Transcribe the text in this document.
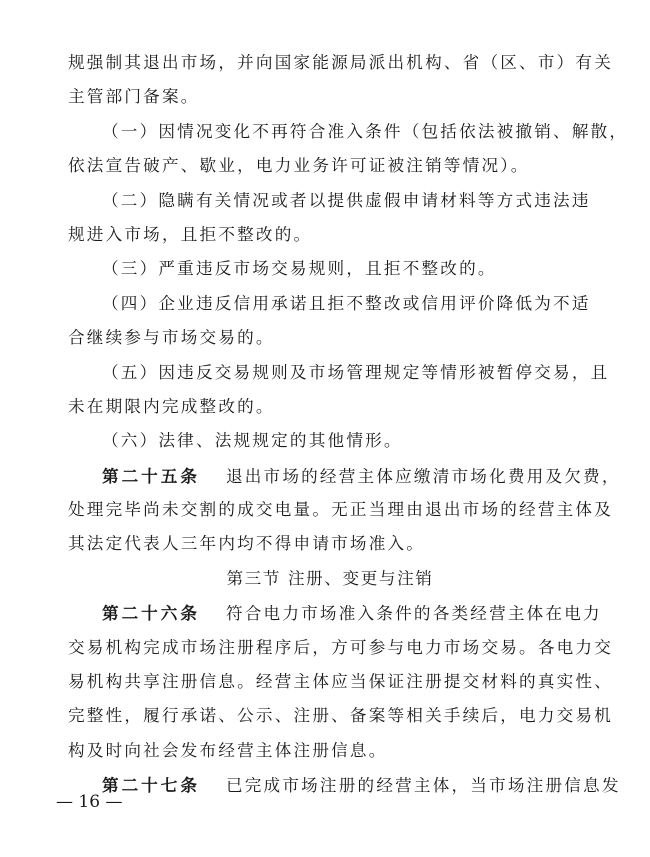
规强制其退出市场，并向国家能源局派出机构、省（区、市）有关
主管部门备案。
（一）因情况变化不再符合准入条件（包括依法被撤销、解散，
依法宣告破产、歇业，电力业务许可证被注销等情况）。
（二）隐瞒有关情况或者以提供虚假申请材料等方式违法违
规进入市场，且拒不整改的。
（三）严重违反市场交易规则，且拒不整改的。
（四）企业违反信用承诺且拒不整改或信用评价降低为不适
合继续参与市场交易的。
（五）因违反交易规则及市场管理规定等情形被暂停交易，且
未在期限内完成整改的。
（六）法律、法规规定的其他情形。
第二十五条 退出市场的经营主体应缴清市场化费用及欠费，
处理完毕尚未交割的成交电量。无正当理由退出市场的经营主体及
其法定代表人三年内均不得申请市场准入。
第三节 注册、变更与注销
第二十六条 符合电力市场准入条件的各类经营主体在电力
交易机构完成市场注册程序后，方可参与电力市场交易。各电力交
易机构共享注册信息。经营主体应当保证注册提交材料的真实性、
完整性，履行承诺、公示、注册、备案等相关手续后，电力交易机
构及时向社会发布经营主体注册信息。
第二十七条 已完成市场注册的经营主体，当市场注册信息发
— 16 —
